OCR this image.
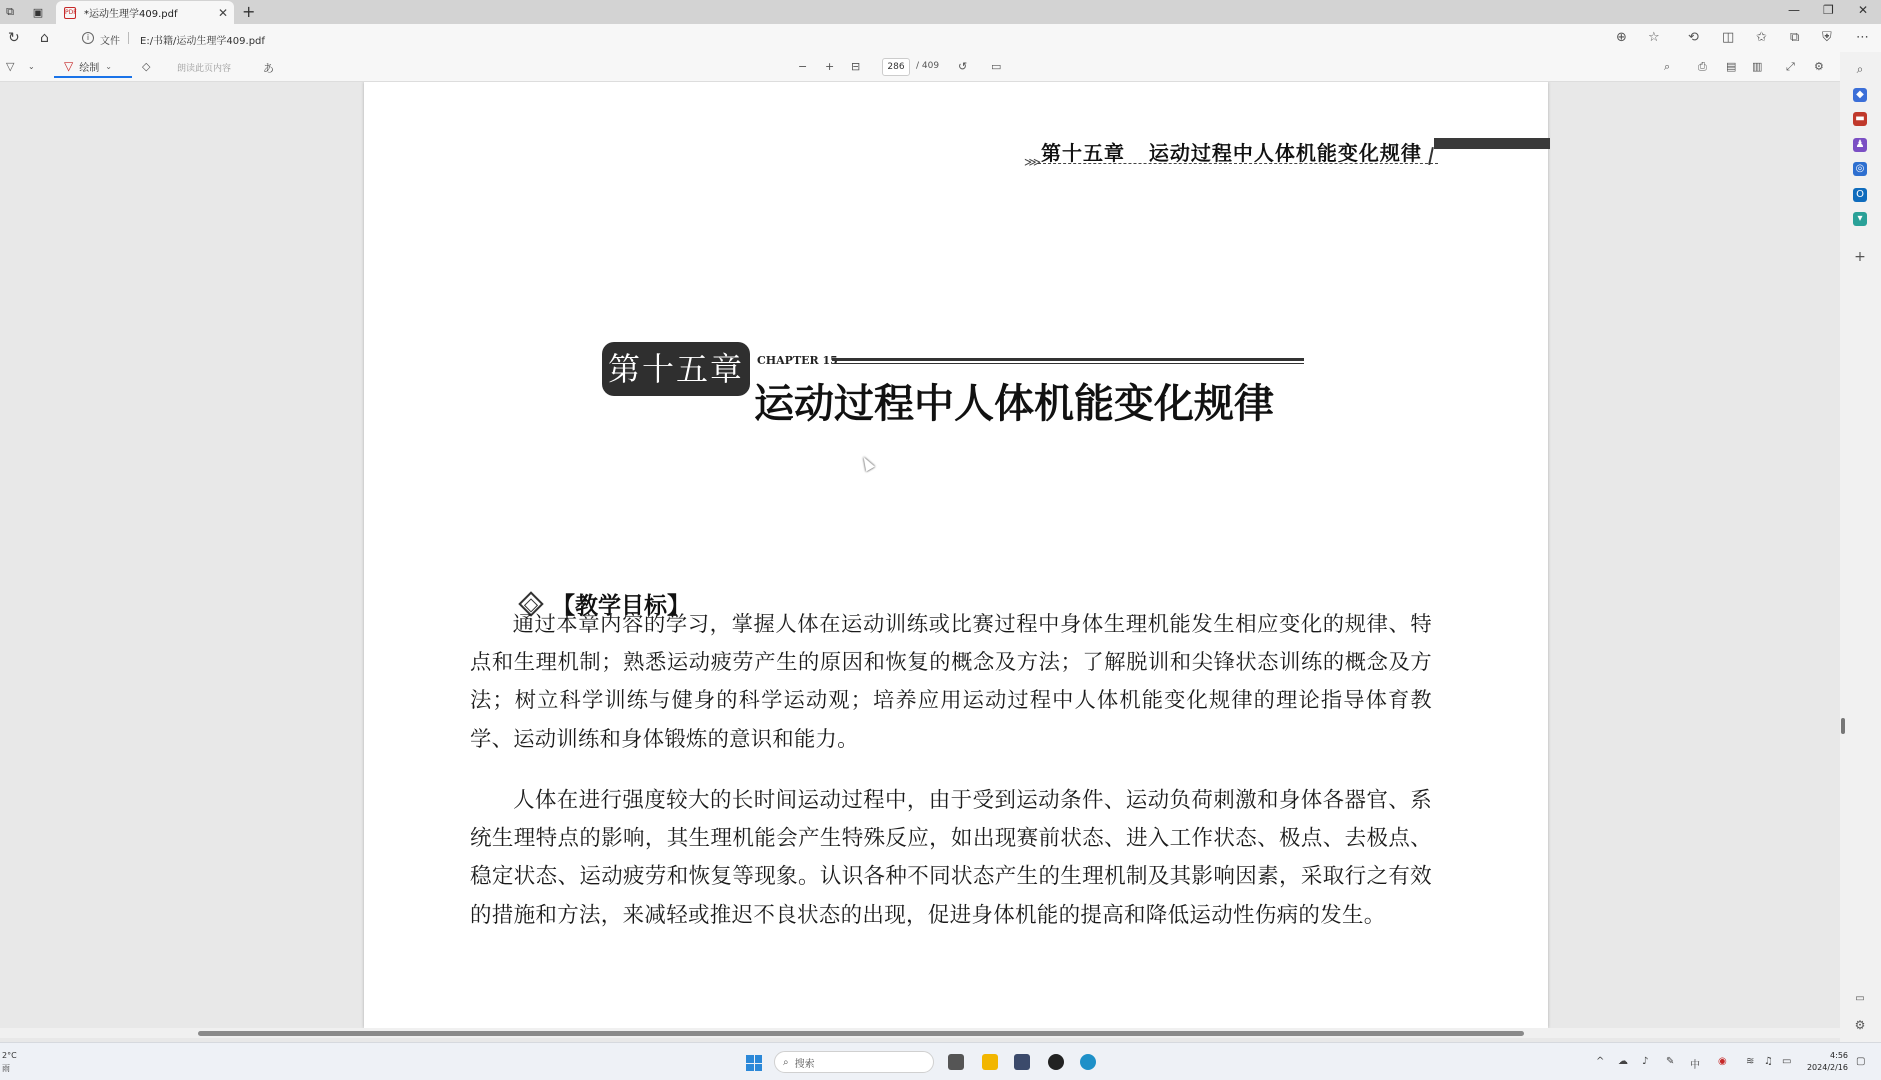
⧉	▣	PDF *运动生理学409.pdf	✕ +	— ❐ ✕
↻ ⌂	i	文件 E:/书籍/运动生理学409.pdf	⊕ ☆ ⟲ ◫ ✩ ⧉ ⛨ ⋯
▽ ⌄ ▽ 绘制 ⌄	◇	朗读此页内容	あ	− + ⊟	286	/ 409 ↺ ▭	⌕	⎙ ▤ ▥ ⤢ ⚙	⌕
◆
▬
♟
◎
O
▾
+
▭
⚙
第十五章   运动过程中人体机能变化规律
⋙
第十五章	CHAPTER 15
运动过程中人体机能变化规律
【教学目标】

通过本章内容的学习，掌握人体在运动训练或比赛过程中身体生理机能发生相应变化的规律、特点和生理机制；熟悉运动疲劳产生的原因和恢复的概念及方法；了解脱训和尖锋状态训练的概念及方法；树立科学训练与健身的科学运动观；培养应用运动过程中人体机能变化规律的理论指导体育教学、运动训练和身体锻炼的意识和能力。

人体在进行强度较大的长时间运动过程中，由于受到运动条件、运动负荷刺激和身体各器官、系统生理特点的影响，其生理机能会产生特殊反应，如出现赛前状态、进入工作状态、极点、去极点、稳定状态、运动疲劳和恢复等现象。认识各种不同状态产生的生理机制及其影响因素，采取行之有效的措施和方法，来减轻或推迟不良状态的出现，促进身体机能的提高和降低运动性伤病的发生。

2°C
雨
⌕ 搜索	^ ☁ ♪ ✎ 中 ◉ ≋ ♫ ▭
4:56
2024/2/16
▢
